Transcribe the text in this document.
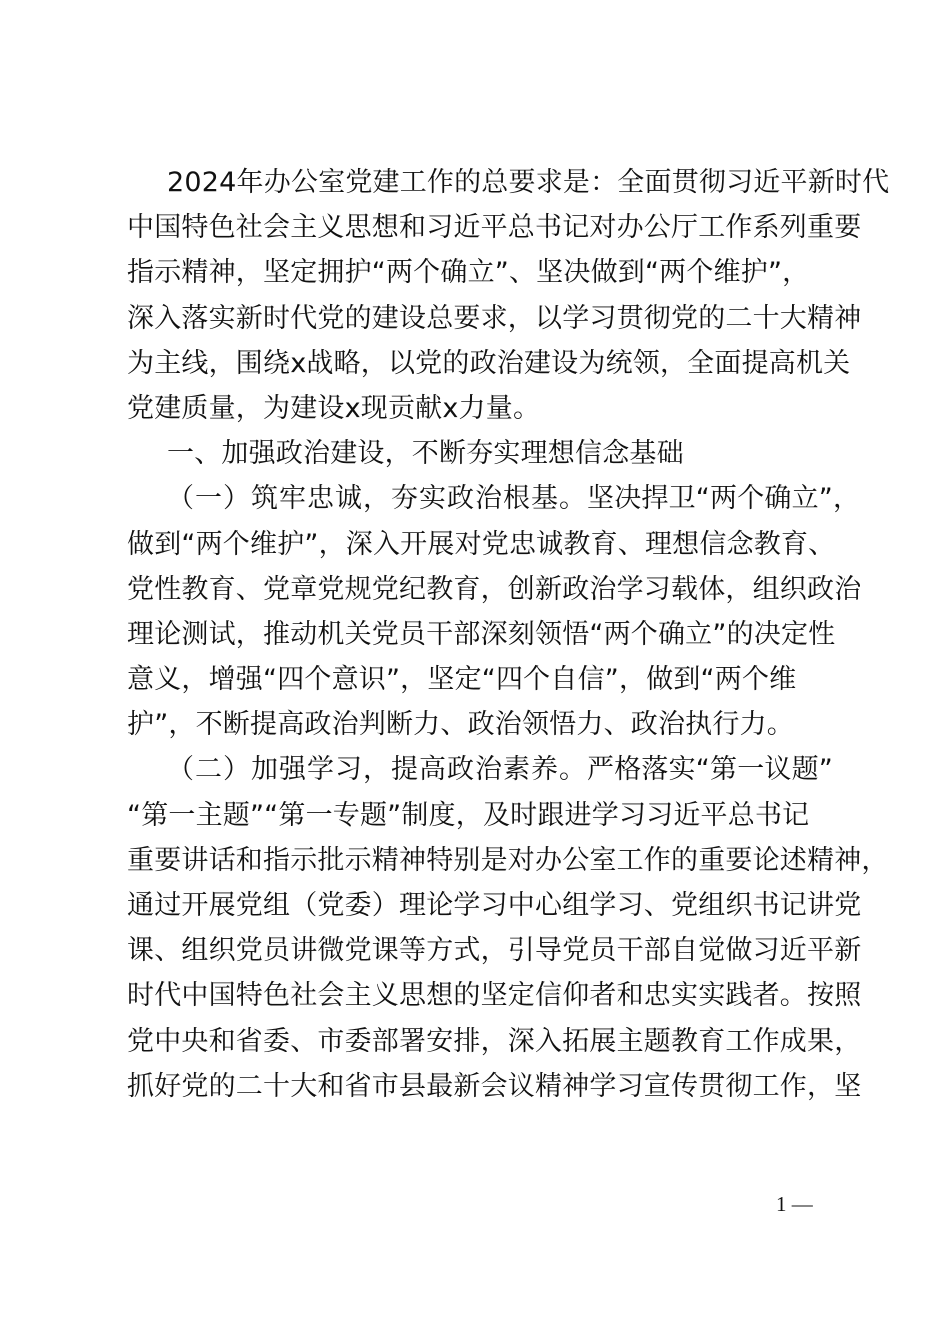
2024年办公室党建工作的总要求是：全面贯彻习近平新时代
中国特色社会主义思想和习近平总书记对办公厅工作系列重要
指示精神，坚定拥护“两个确立”、坚决做到“两个维护”，
深入落实新时代党的建设总要求，以学习贯彻党的二十大精神
为主线，围绕x战略，以党的政治建设为统领，全面提高机关
党建质量，为建设x现贡献x力量。
一、加强政治建设，不断夯实理想信念基础
（一）筑牢忠诚，夯实政治根基。坚决捍卫“两个确立”，
做到“两个维护”，深入开展对党忠诚教育、理想信念教育、
党性教育、党章党规党纪教育，创新政治学习载体，组织政治
理论测试，推动机关党员干部深刻领悟“两个确立”的决定性
意义，增强“四个意识”，坚定“四个自信”，做到“两个维
护”，不断提高政治判断力、政治领悟力、政治执行力。
（二）加强学习，提高政治素养。严格落实“第一议题”
“第一主题”“第一专题”制度，及时跟进学习习近平总书记
重要讲话和指示批示精神特别是对办公室工作的重要论述精神，
通过开展党组（党委）理论学习中心组学习、党组织书记讲党
课、组织党员讲微党课等方式，引导党员干部自觉做习近平新
时代中国特色社会主义思想的坚定信仰者和忠实实践者。按照
党中央和省委、市委部署安排，深入拓展主题教育工作成果，
抓好党的二十大和省市县最新会议精神学习宣传贯彻工作，坚
1 —
